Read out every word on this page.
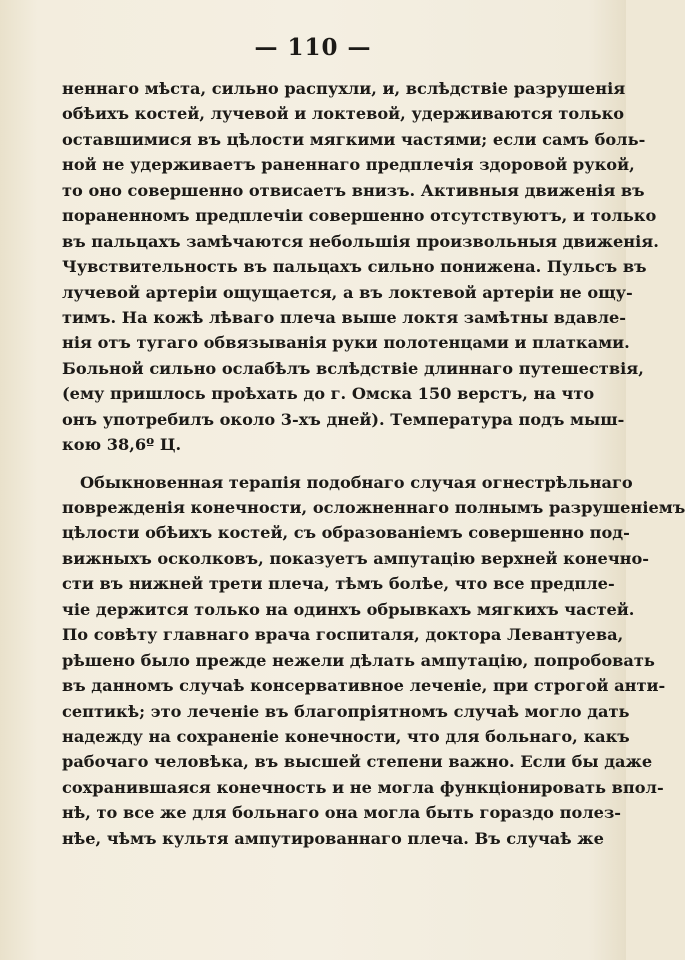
— 110 —
неннаго мѣста, сильно распухли, и, вслѣдствіе разрушенія
обѣихъ костей, лучевой и локтевой, удерживаются только
оставшимися въ цѣлости мягкими частями; если самъ боль-
ной не удерживаетъ раненнаго предплечія здоровой рукой,
то оно совершенно отвисаетъ внизъ. Активныя движенія въ
пораненномъ предплечіи совершенно отсутствуютъ, и только
въ пальцахъ замѣчаются небольшія произвольныя движенія.
Чувствительность въ пальцахъ сильно понижена. Пульсъ въ
лучевой артеріи ощущается, а въ локтевой артеріи не ощу-
тимъ. На кожѣ лѣваго плеча выше локтя замѣтны вдавле-
нія отъ тугаго обвязыванія руки полотенцами и платками.
Больной сильно ослабѣлъ вслѣдствіе длиннаго путешествія,
(ему пришлось проѣхать до г. Омска 150 верстъ, на что
онъ употребилъ около 3-хъ дней). Температура подъ мыш-
кою 38,6º Ц.
Обыкновенная терапія подобнаго случая огнестрѣльнаго
поврежденія конечности, осложненнаго полнымъ разрушеніемъ
цѣлости обѣихъ костей, съ образованіемъ совершенно под-
вижныхъ осколковъ, показуетъ ампутацію верхней конечно-
сти въ нижней трети плеча, тѣмъ болѣе, что все предпле-
чіе держится только на одинхъ обрывкахъ мягкихъ частей.
По совѣту главнаго врача госпиталя, доктора Левантуева,
рѣшено было прежде нежели дѣлать ампутацію, попробовать
въ данномъ случаѣ консервативное леченіе, при строгой анти-
септикѣ; это леченіе въ благопріятномъ случаѣ могло дать
надежду на сохраненіе конечности, что для больнаго, какъ
рабочаго человѣка, въ высшей степени важно. Если бы даже
сохранившаяся конечность и не могла функціонировать впол-
нѣ, то все же для больнаго она могла быть гораздо полез-
нѣе, чѣмъ культя ампутированнаго плеча. Въ случаѣ же
